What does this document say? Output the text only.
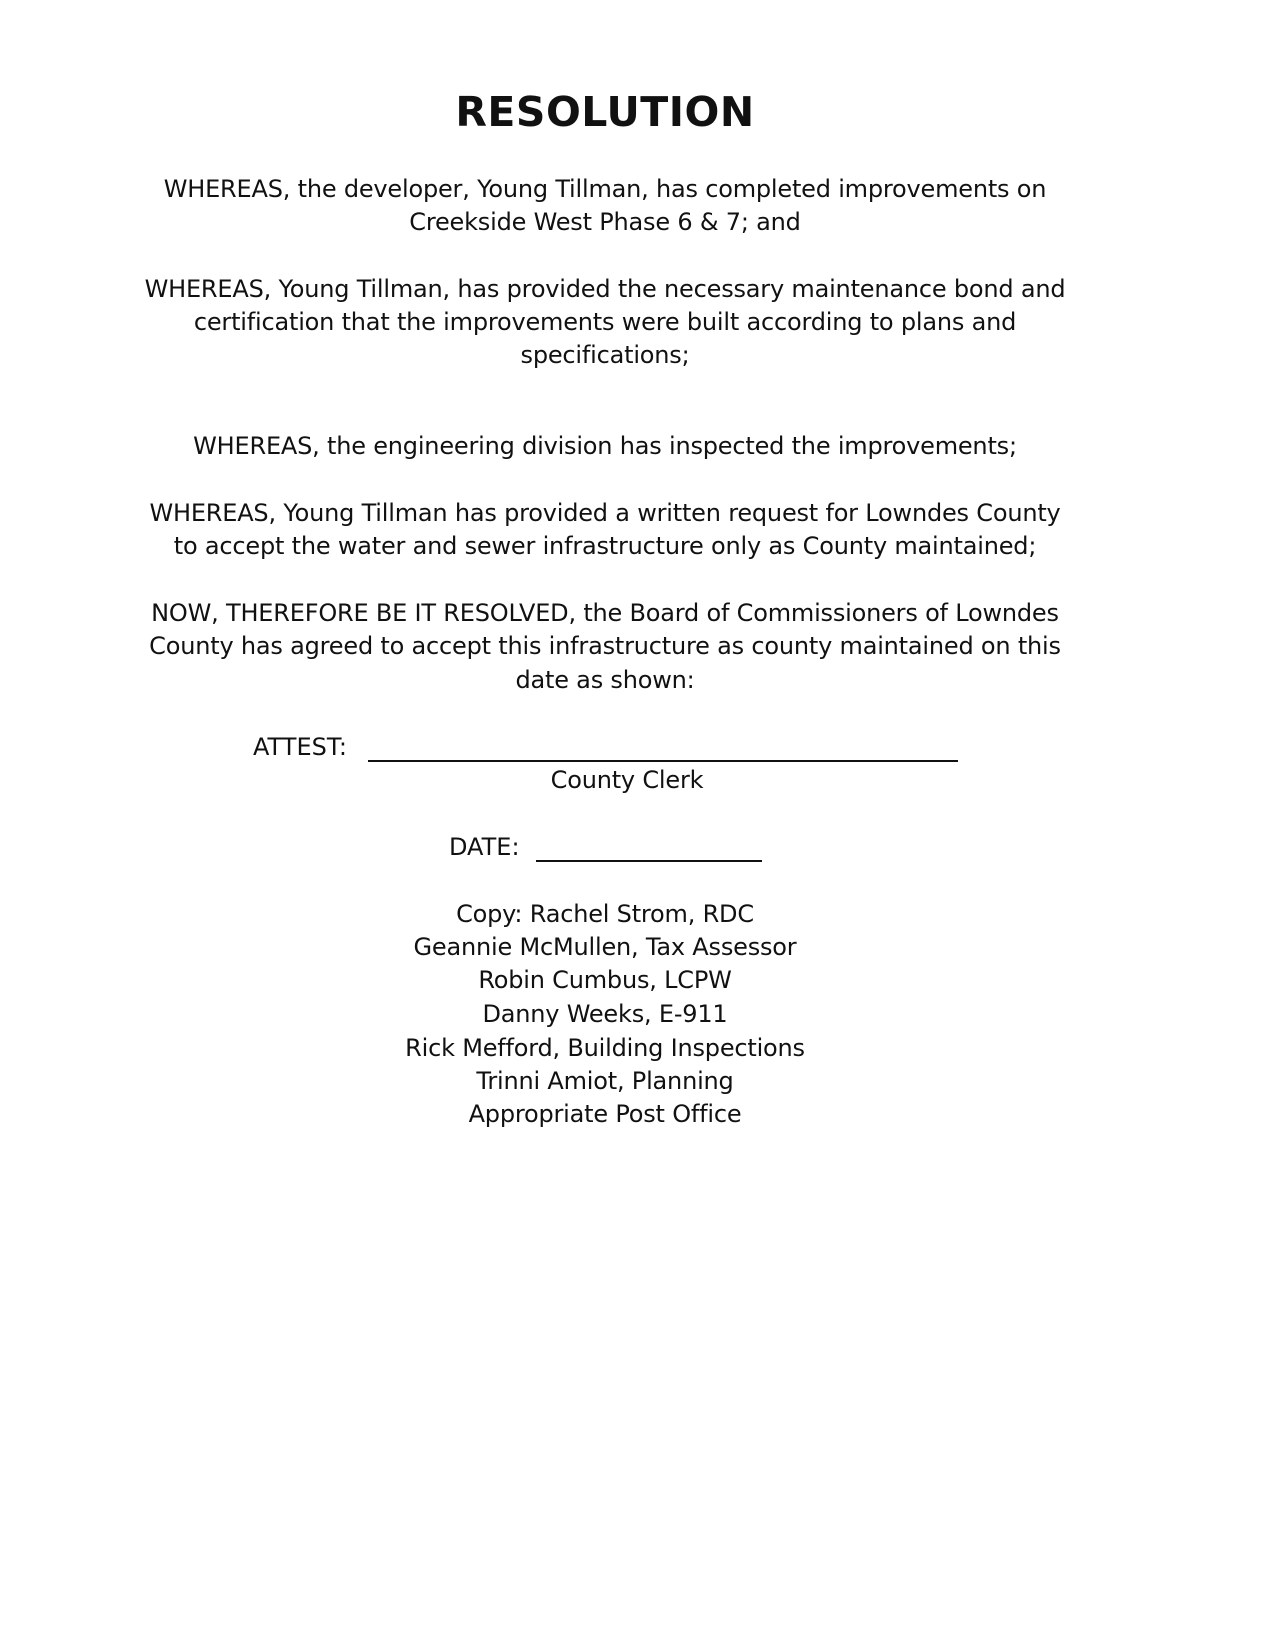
RESOLUTION
WHEREAS, the developer, Young Tillman, has completed improvements on
Creekside West Phase 6 & 7; and
WHEREAS, Young Tillman, has provided the necessary maintenance bond and
certification that the improvements were built according to plans and
specifications;
WHEREAS, the engineering division has inspected the improvements;
WHEREAS, Young Tillman has provided a written request for Lowndes County
to accept the water and sewer infrastructure only as County maintained;
NOW, THEREFORE BE IT RESOLVED, the Board of Commissioners of Lowndes
County has agreed to accept this infrastructure as county maintained on this
date as shown:
ATTEST:
County Clerk
DATE:
Copy: Rachel Strom, RDC
Geannie McMullen, Tax Assessor
Robin Cumbus, LCPW
Danny Weeks, E-911
Rick Mefford, Building Inspections
Trinni Amiot, Planning
Appropriate Post Office
